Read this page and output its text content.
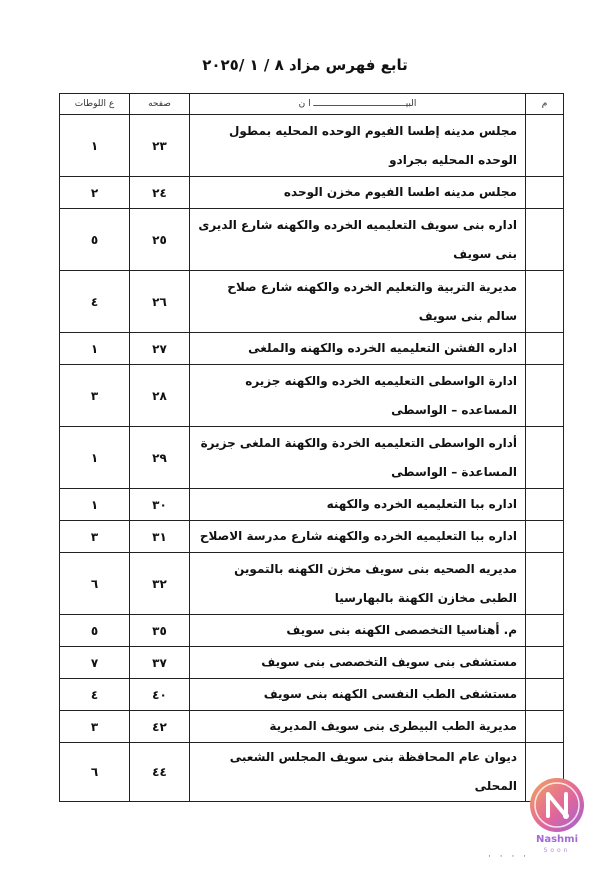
تابع فهرس مزاد ٨ / ١ /٢٠٢٥
م	البيـــــــــــــــــــــــــــــــــــ ا ن	صفحه	ع اللوطات
	مجلس مدينه إطسا الفيوم الوحده المحليه بمطول الوحده المحليه بجرادو	٢٣	١
	مجلس مدينه اطسا الفيوم مخزن الوحده	٢٤	٢
	اداره بنى سويف التعليميه الخرده والكهنه شارع الديرى بنى سويف	٢٥	٥
	مديرية التربية والتعليم الخرده والكهنه شارع صلاح سالم بنى سويف	٢٦	٤
	اداره الفشن التعليميه الخرده والكهنه والملغى	٢٧	١
	ادارة الواسطى التعليميه الخرده والكهنه جزيره المساعده – الواسطى	٢٨	٣
	أداره الواسطى التعليميه الخردة والكهنة الملغى جزيرة المساعدة – الواسطى	٢٩	١
	اداره ببا التعليميه الخرده والكهنه	٣٠	١
	اداره ببا التعليميه الخرده والكهنه شارع مدرسة الاصلاح	٣١	٣
	مديريه الصحيه بنى سويف مخزن الكهنه بالتموين الطبى مخازن الكهنة بالبهارسيا	٣٢	٦
	م. أهناسيا التخصصى الكهنه بنى سويف	٣٥	٥
	مستشفى بنى سويف التخصصى بنى سويف	٣٧	٧
	مستشفى الطب النفسى الكهنه بنى سويف	٤٠	٤
	مديرية الطب البيطرى بنى سويف المديرية	٤٢	٣
	ديوان عام المحافظة بنى سويف المجلس الشعبى المحلى	٤٤	٦
Nashmi
Soon
· · · ·
